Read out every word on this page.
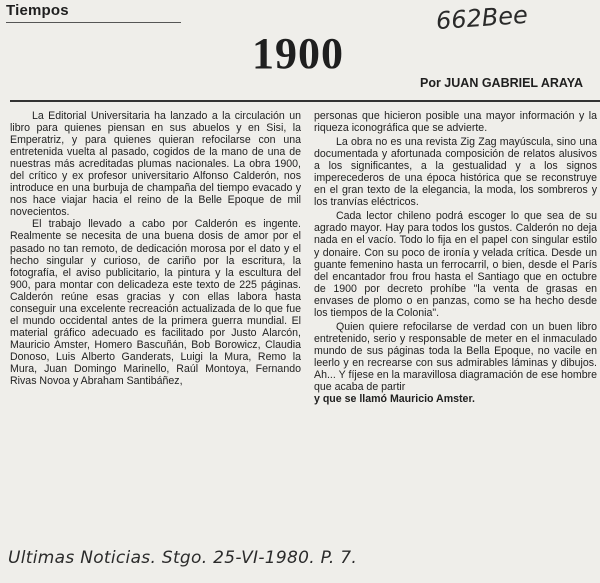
Tiempos	662Bee
1900
Por JUAN GABRIEL ARAYA

La Editorial Universitaria ha lanzado a la circulación un libro para quienes piensan en sus abuelos y en Sisi, la Emperatriz, y para quienes quieran refocilarse con una entretenida vuelta al pasado, cogidos de la mano de una de nuestras más acreditadas plumas nacionales. La obra 1900, del crítico y ex profesor universitario Alfonso Calderón, nos introduce en una burbuja de champaña del tiempo evacado y nos hace viajar hacia el reino de la Belle Epoque de mil novecientos.

El trabajo llevado a cabo por Calderón es ingente. Realmente se necesita de una buena dosis de amor por el pasado no tan remoto, de dedicación morosa por el dato y el hecho singular y curioso, de cariño por la escritura, la fotografía, el aviso publicitario, la pintura y la escultura del 900, para montar con delicadeza este texto de 225 páginas. Calderón reúne esas gracias y con ellas labora hasta conseguir una excelente recreación actualizada de lo que fue el mundo occidental antes de la primera guerra mundial. El material gráfico adecuado es facilitado por Justo Alarcón, Mauricio Amster, Homero Bascuñán, Bob Borowicz, Claudia Donoso, Luis Alberto Ganderats, Luigi la Mura, Remo la Mura, Juan Domingo Marinello, Raúl Montoya, Fernando Rivas Novoa y Abraham Santibáñez,

personas que hicieron posible una mayor información y la riqueza iconográfica que se advierte.

La obra no es una revista Zig Zag mayúscula, sino una documentada y afortunada composición de relatos alusivos a los significantes, a la gestualidad y a los signos imperecederos de una época histórica que se reconstruye en el gran texto de la elegancia, la moda, los sombreros y los tranvías eléctricos.

Cada lector chileno podrá escoger lo que sea de su agrado mayor. Hay para todos los gustos. Calderón no deja nada en el vacío. Todo lo fija en el papel con singular estilo y donaire. Con su poco de ironía y velada crítica. Desde un guante femenino hasta un ferrocarril, o bien, desde el París del encantador frou frou hasta el Santiago que en octubre de 1900 por decreto prohíbe "la venta de grasas en envases de plomo o en panzas, como se ha hecho desde los tiempos de la Colonia".

Quien quiere refocilarse de verdad con un buen libro entretenido, serio y responsable de meter en el inmaculado mundo de sus páginas toda la Bella Epoque, no vacile en leerlo y en recrearse con sus admirables láminas y dibujos. Ah... Y fíjese en la maravillosa diagramación de ese hombre que acaba de partir

y que se llamó Mauricio Amster.

Ultimas Noticias. Stgo. 25-VI-1980. P. 7.
